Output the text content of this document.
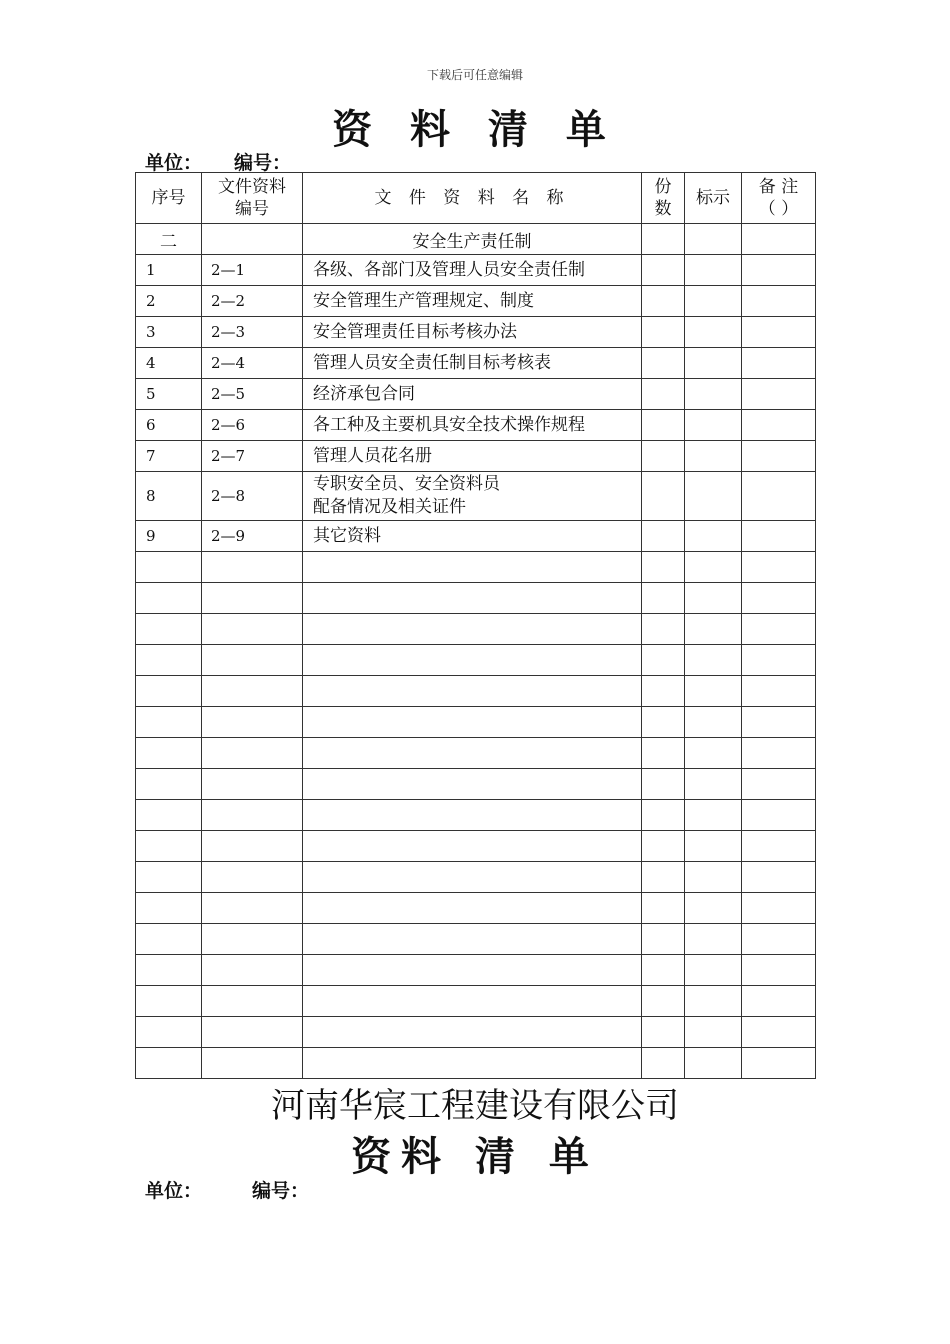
下载后可任意编辑
资 料 清 单
单位： 编号：
序号	文件资料编号	文 件 资 料 名 称	份数	标示	备 注（ ）
二		安全生产责任制			
1	2—1	各级、各部门及管理人员安全责任制			

2	2—2	安全管理生产管理规定、制度			

3	2—3	安全管理责任目标考核办法			

4	2—4	管理人员安全责任制目标考核表			

5	2—5	经济承包合同			

6	2—6	各工种及主要机具安全技术操作规程			

7	2—7	管理人员花名册			

8	2—8	专职安全员、安全资料员
配备情况及相关证件			

9	2—9	其它资料			

河南华宸工程建设有限公司
资料 清 单
单位：	编号：
